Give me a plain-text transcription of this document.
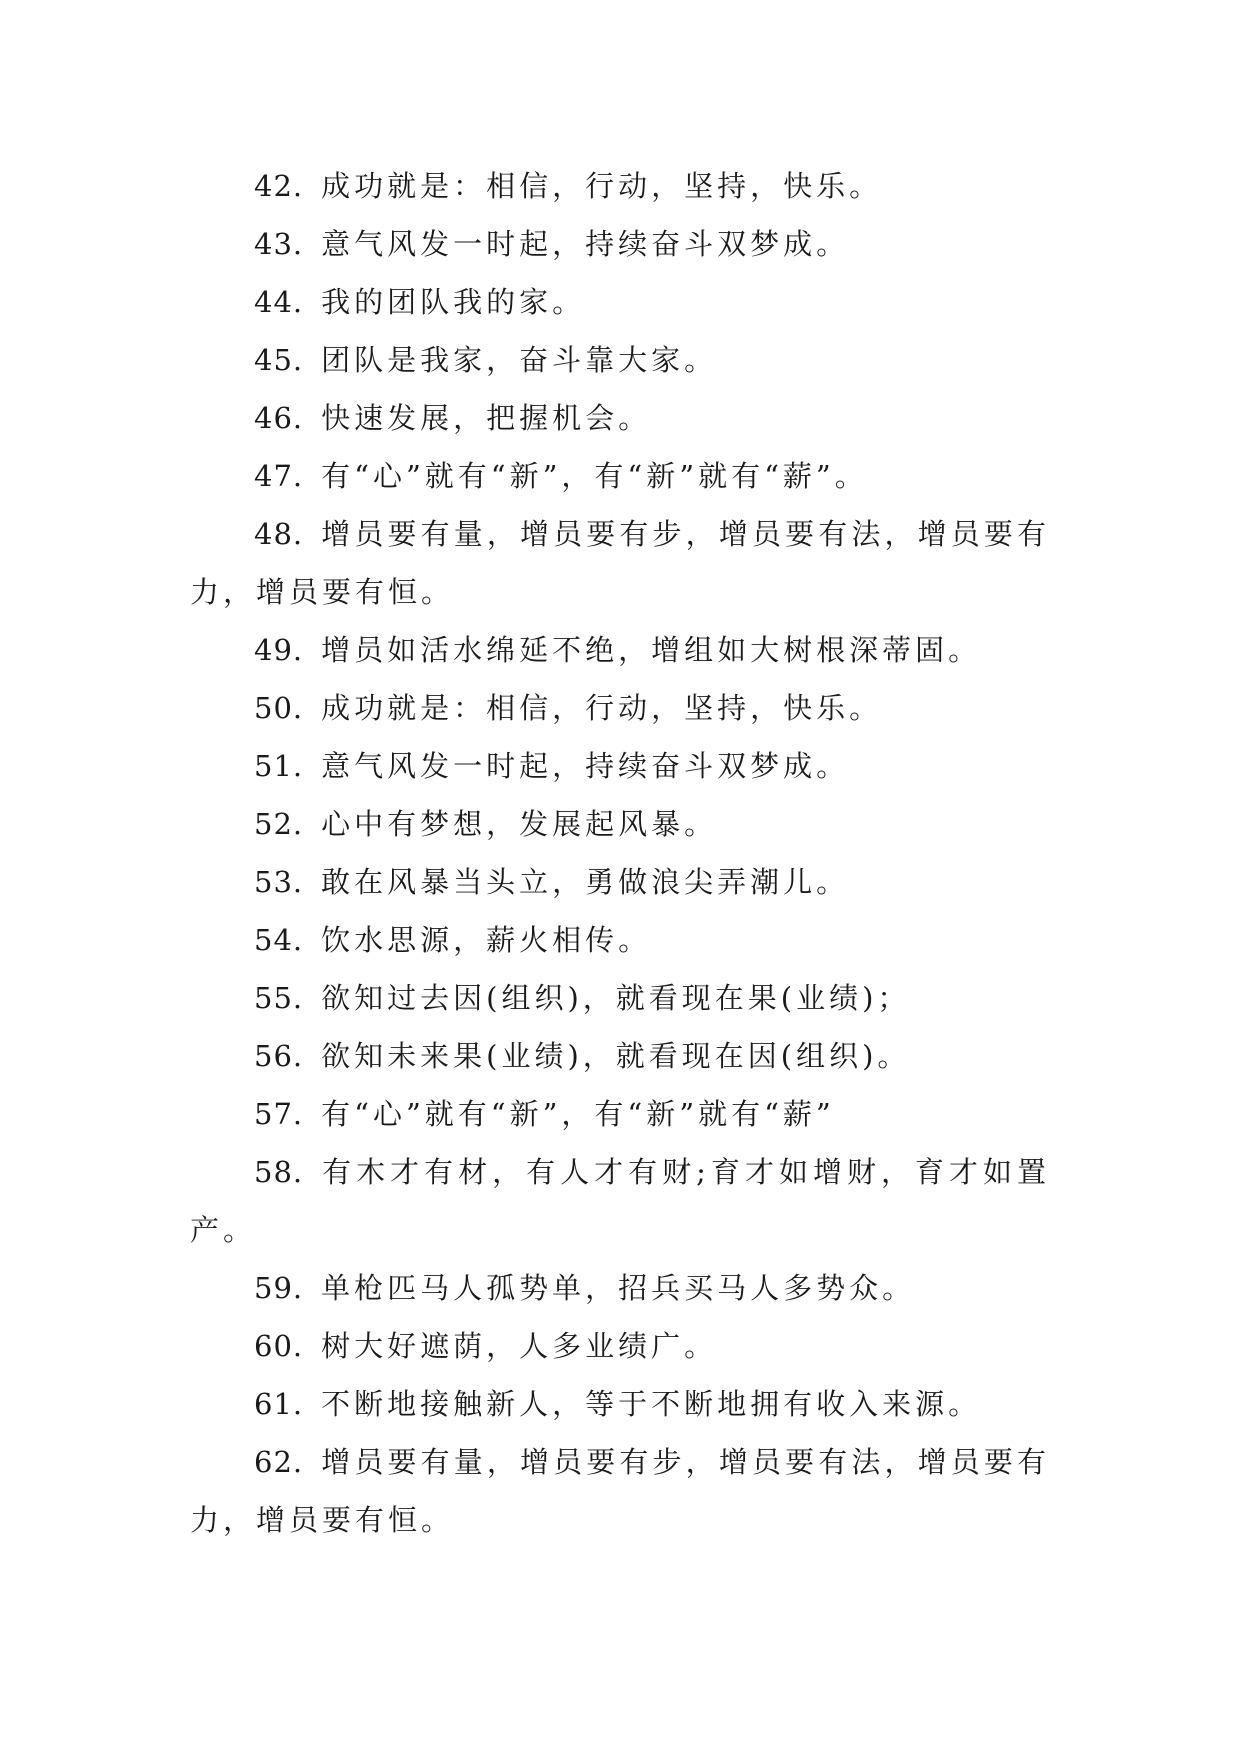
42. 成功就是：相信，行动，坚持，快乐。

43. 意气风发一时起，持续奋斗双梦成。

44. 我的团队我的家。

45. 团队是我家，奋斗靠大家。

46. 快速发展，把握机会。

47. 有“心”就有“新”，有“新”就有“薪”。

48. 增员要有量，增员要有步，增员要有法，增员要有力，增员要有恒。

49. 增员如活水绵延不绝，增组如大树根深蒂固。

50. 成功就是：相信，行动，坚持，快乐。

51. 意气风发一时起，持续奋斗双梦成。

52. 心中有梦想，发展起风暴。

53. 敢在风暴当头立，勇做浪尖弄潮儿。

54. 饮水思源，薪火相传。

55. 欲知过去因(组织)，就看现在果(业绩)；

56. 欲知未来果(业绩)，就看现在因(组织)。

57. 有“心”就有“新”，有“新”就有“薪”

58. 有木才有材，有人才有财;育才如增财，育才如置产。

59. 单枪匹马人孤势单，招兵买马人多势众。

60. 树大好遮荫，人多业绩广。

61. 不断地接触新人，等于不断地拥有收入来源。

62. 增员要有量，增员要有步，增员要有法，增员要有力，增员要有恒。
